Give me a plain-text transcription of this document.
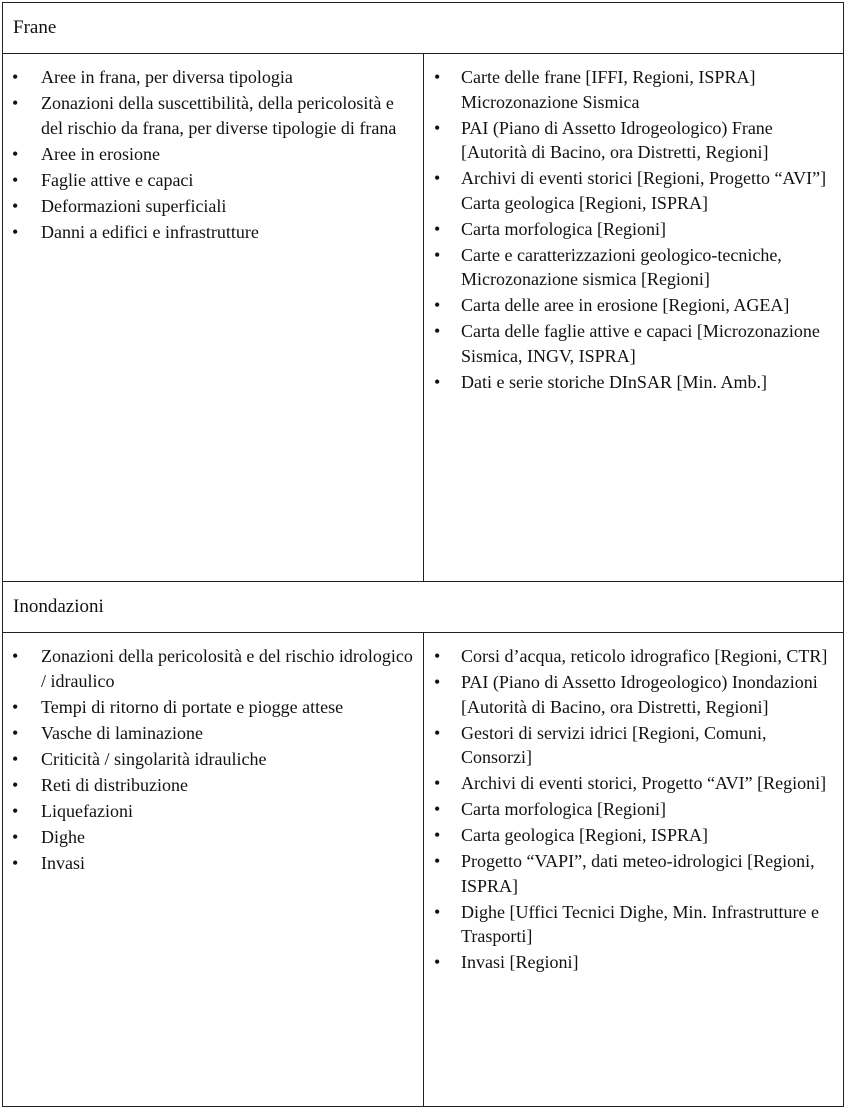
Frane
• Aree in frana, per diversa tipologia
• Zonazioni della suscettibilità, della pericolosità e del rischio da frana, per diverse tipologie di frana
• Aree in erosione
• Faglie attive e capaci
• Deformazioni superficiali
• Danni a edifici e infrastrutture
• Carte delle frane [IFFI, Regioni, ISPRA] Microzonazione Sismica
• PAI (Piano di Assetto Idrogeologico) Frane [Autorità di Bacino, ora Distretti, Regioni]
• Archivi di eventi storici [Regioni, Progetto “AVI”] Carta geologica [Regioni, ISPRA]
• Carta morfologica [Regioni]
• Carte e caratterizzazioni geologico-tecniche, Microzonazione sismica [Regioni]
• Carta delle aree in erosione [Regioni, AGEA]
• Carta delle faglie attive e capaci [Microzonazione Sismica, INGV, ISPRA]
• Dati e serie storiche DInSAR [Min. Amb.]
Inondazioni
• Zonazioni della pericolosità e del rischio idrologico / idraulico
• Tempi di ritorno di portate e piogge attese
• Vasche di laminazione
• Criticità / singolarità idrauliche
• Reti di distribuzione
• Liquefazioni
• Dighe
• Invasi
• Corsi d’acqua, reticolo idrografico [Regioni, CTR]
• PAI (Piano di Assetto Idrogeologico) Inondazioni [Autorità di Bacino, ora Distretti, Regioni]
• Gestori di servizi idrici [Regioni, Comuni, Consorzi]
• Archivi di eventi storici, Progetto “AVI” [Regioni]
• Carta morfologica [Regioni]
• Carta geologica [Regioni, ISPRA]
• Progetto “VAPI”, dati meteo-idrologici [Regioni, ISPRA]
• Dighe [Uffici Tecnici Dighe, Min. Infrastrutture e Trasporti]
• Invasi [Regioni]
